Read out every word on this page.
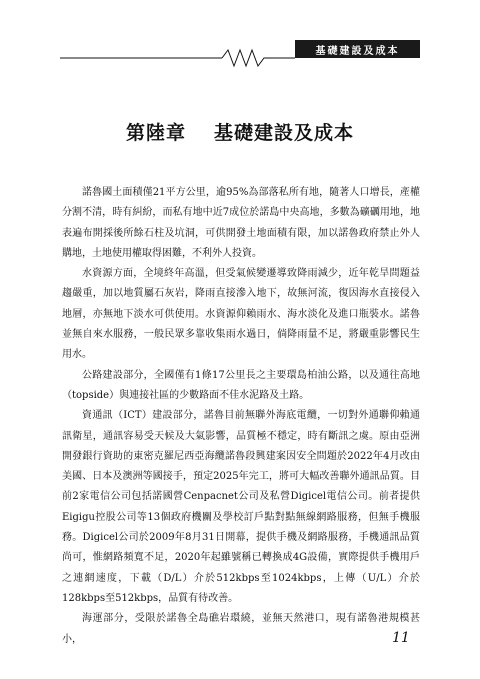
基礎建設及成本
第陸章 基礎建設及成本

諾魯國土面積僅21平方公里，逾95%為部落私所有地，隨著人口增長，產權分割不清，時有糾紛，而私有地中近7成位於諾島中央高地，多數為礦礪用地，地表遍布開採後所餘石柱及坑洞，可供開發土地面積有限，加以諾魯政府禁止外人購地，土地使用權取得困難，不利外人投資。

水資源方面，全境終年高溫，但受氣候變遷導致降雨減少，近年乾旱問題益趨嚴重，加以地質屬石灰岩，降雨直接滲入地下，故無河流，復因海水直接侵入地層，亦無地下淡水可供使用。水資源仰賴雨水、海水淡化及進口瓶裝水。諾魯並無自來水服務，一般民眾多靠收集雨水過日，倘降雨量不足，將嚴重影響民生用水。

公路建設部分，全國僅有1條17公里長之主要環島柏油公路，以及通往高地（topside）與連接社區的少數路面不佳水泥路及土路。

資通訊（ICT）建設部分，諾魯目前無聯外海底電纜，一切對外通聯仰賴通訊衛星，通訊容易受天候及大氣影響，品質極不穩定，時有斷訊之虞。原由亞洲開發銀行資助的東密克羅尼西亞海纜諾魯段興建案因安全問題於2022年4月改由美國、日本及澳洲等國接手，預定2025年完工，將可大幅改善聯外通訊品質。目前2家電信公司包括諾國營Cenpacnet公司及私營Digicel電信公司。前者提供Eigigu控股公司等13個政府機關及學校訂戶點對點無線網路服務，但無手機服務。Digicel公司於2009年8月31日開幕，提供手機及網路服務，手機通訊品質尚可，惟網路頻寬不足，2020年起雖號稱已轉換成4G設備，實際提供手機用戶之連網速度，下載（D/L）介於512kbps至1024kbps，上傳（U/L）介於128kbps至512kbps，品質有待改善。

海運部分，受限於諾魯全島礁岩環繞，並無天然港口，現有諾魯港規模甚小，	11
